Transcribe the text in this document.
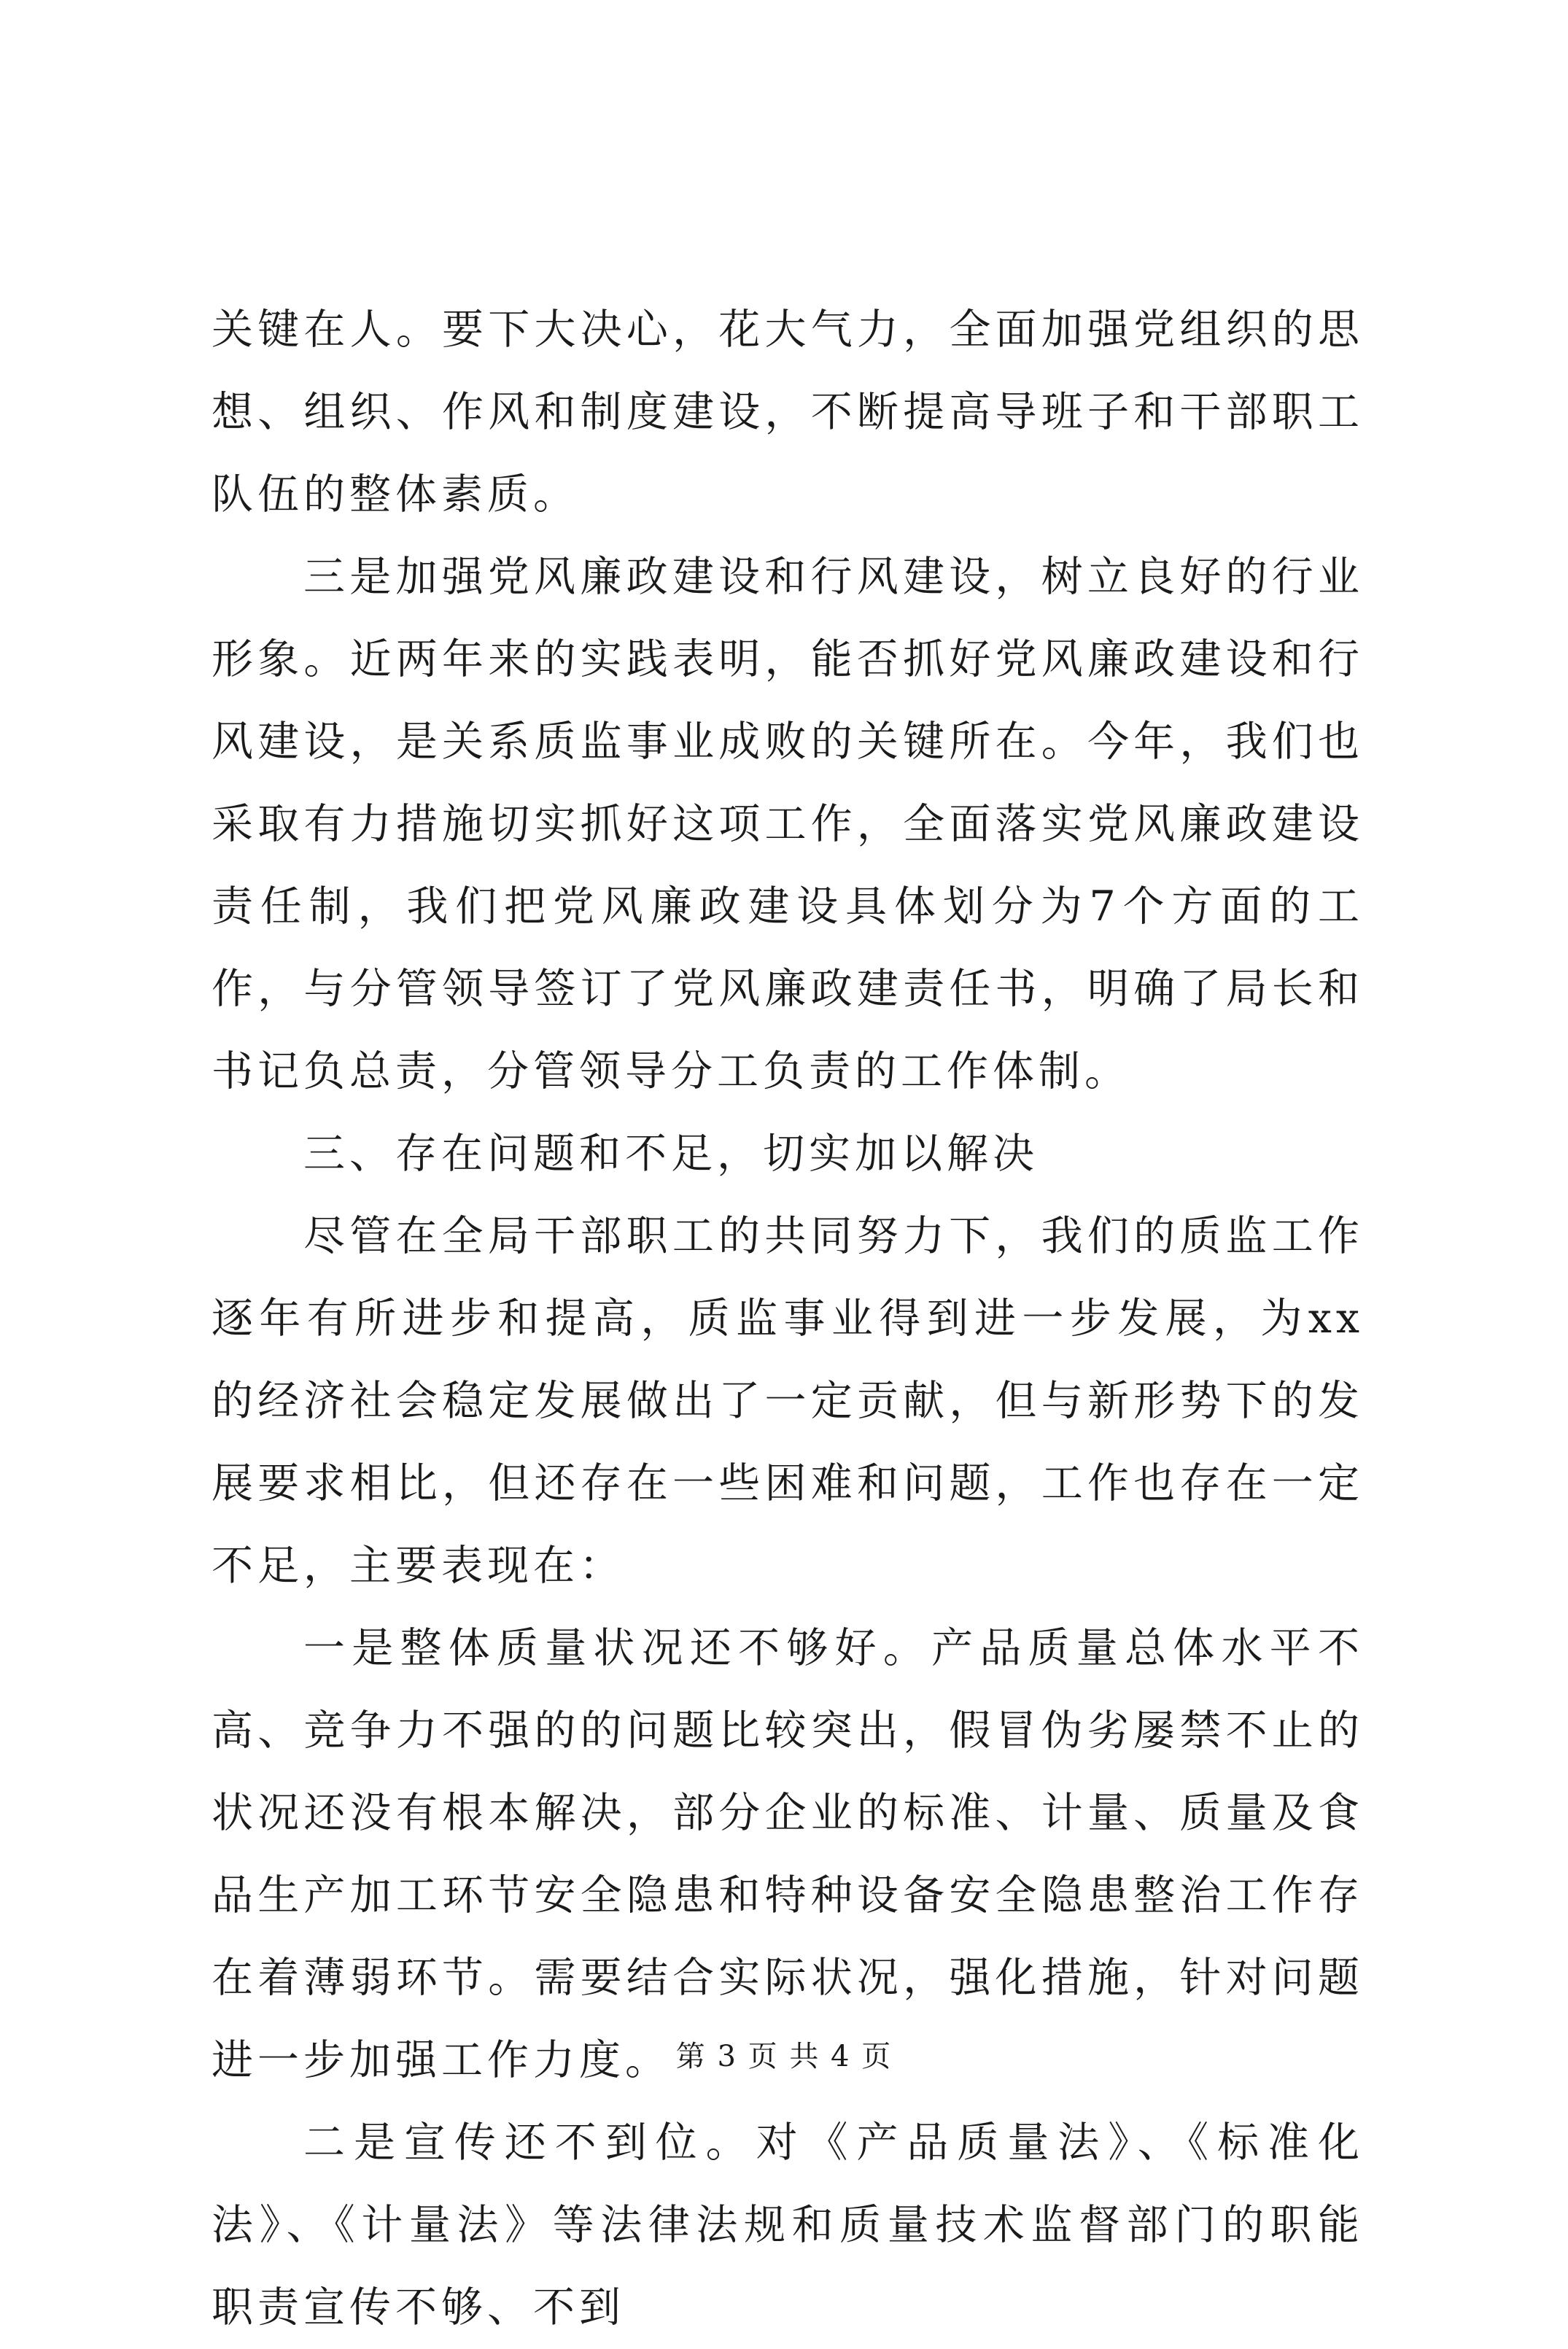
关键在人。要下大决心，花大气力，全面加强党组织的思想、组织、作风和制度建设，不断提高导班子和干部职工队伍的整体素质。

三是加强党风廉政建设和行风建设，树立良好的行业形象。近两年来的实践表明，能否抓好党风廉政建设和行风建设，是关系质监事业成败的关键所在。今年，我们也采取有力措施切实抓好这项工作，全面落实党风廉政建设责任制，我们把党风廉政建设具体划分为7个方面的工作，与分管领导签订了党风廉政建责任书，明确了局长和书记负总责，分管领导分工负责的工作体制。

三、存在问题和不足，切实加以解决

尽管在全局干部职工的共同努力下，我们的质监工作逐年有所进步和提高，质监事业得到进一步发展，为xx的经济社会稳定发展做出了一定贡献，但与新形势下的发展要求相比，但还存在一些困难和问题，工作也存在一定不足，主要表现在：

一是整体质量状况还不够好。产品质量总体水平不高、竞争力不强的的问题比较突出，假冒伪劣屡禁不止的状况还没有根本解决，部分企业的标准、计量、质量及食品生产加工环节安全隐患和特种设备安全隐患整治工作存在着薄弱环节。需要结合实际状况，强化措施，针对问题进一步加强工作力度。

二是宣传还不到位。对《产品质量法》、《标准化法》、《计量法》等法律法规和质量技术监督部门的职能职责宣传不够、不到

第 3 页 共 4 页
